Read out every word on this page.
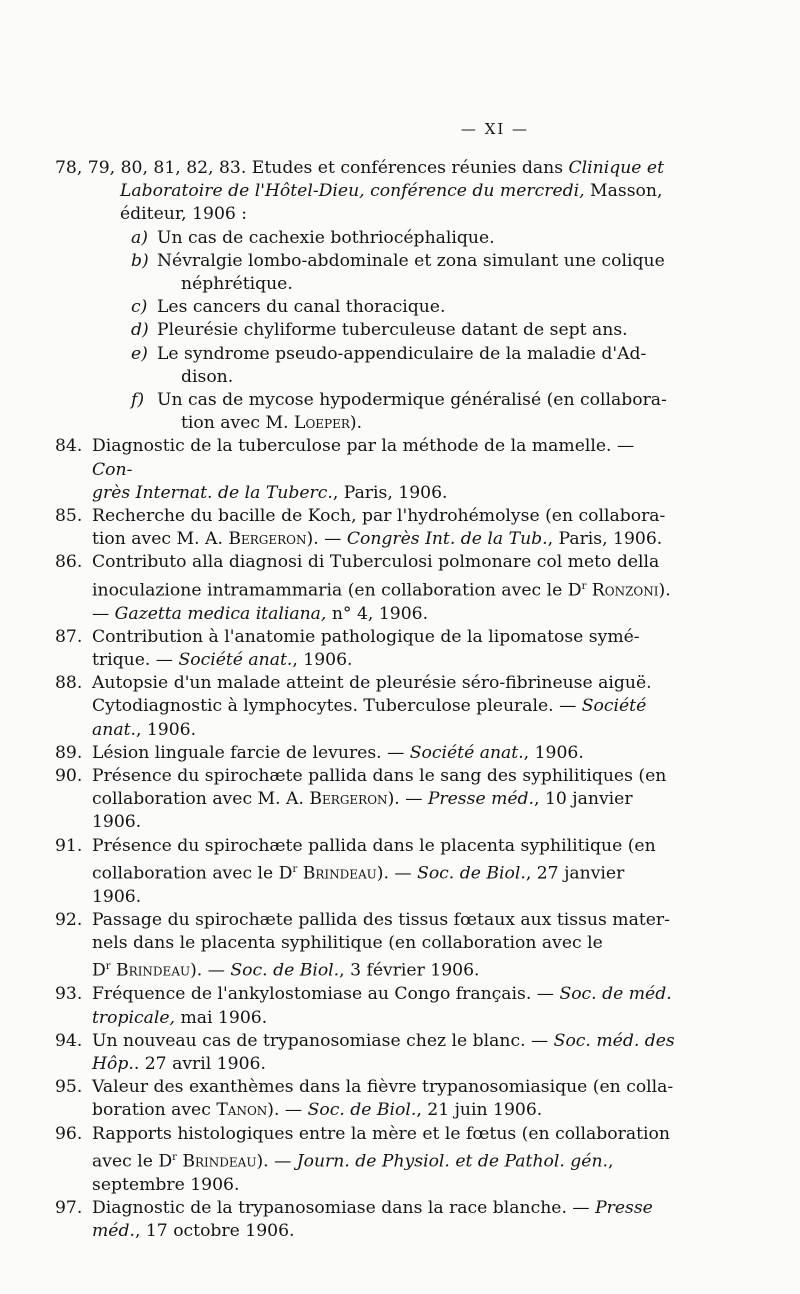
— XI —
78, 79, 80, 81, 82, 83. Etudes et conférences réunies dans Clinique et
Laboratoire de l'Hôtel-Dieu, conférence du mercredi, Masson,
éditeur, 1906 :
a) Un cas de cachexie bothriocéphalique.
b) Névralgie lombo-abdominale et zona simulant une colique
néphrétique.
c) Les cancers du canal thoracique.
d) Pleurésie chyliforme tuberculeuse datant de sept ans.
e) Le syndrome pseudo-appendiculaire de la maladie d'Ad-
dison.
f) Un cas de mycose hypodermique généralisé (en collabora-
tion avec M. Loeper).
84. Diagnostic de la tuberculose par la méthode de la mamelle. — Con-
grès Internat. de la Tuberc., Paris, 1906.
85. Recherche du bacille de Koch, par l'hydrohémolyse (en collabora-
tion avec M. A. Bergeron). — Congrès Int. de la Tub., Paris, 1906.
86. Contributo alla diagnosi di Tuberculosi polmonare col meto della
inoculazione intramammaria (en collaboration avec le $D^r$ Ronzoni).
— Gazetta medica italiana, n° 4, 1906.
87. Contribution à l'anatomie pathologique de la lipomatose symé-
trique. — Société anat., 1906.
88. Autopsie d'un malade atteint de pleurésie séro-fibrineuse aiguë.
Cytodiagnostic à lymphocytes. Tuberculose pleurale. — Société
anat., 1906.
89. Lésion linguale farcie de levures. — Société anat., 1906.
90. Présence du spirochæte pallida dans le sang des syphilitiques (en
collaboration avec M. A. Bergeron). — Presse méd., 10 janvier 1906.
91. Présence du spirochæte pallida dans le placenta syphilitique (en
collaboration avec le $D^r$ Brindeau). — Soc. de Biol., 27 janvier 1906.
92. Passage du spirochæte pallida des tissus fœtaux aux tissus mater-
nels dans le placenta syphilitique (en collaboration avec le
$D^r$ Brindeau). — Soc. de Biol., 3 février 1906.
93. Fréquence de l'ankylostomiase au Congo français. — Soc. de méd.
tropicale, mai 1906.
94. Un nouveau cas de trypanosomiase chez le blanc. — Soc. méd. des
Hôp.. 27 avril 1906.
95. Valeur des exanthèmes dans la fièvre trypanosomiasique (en colla-
boration avec Tanon). — Soc. de Biol., 21 juin 1906.
96. Rapports histologiques entre la mère et le fœtus (en collaboration
avec le $D^r$ Brindeau). — Journ. de Physiol. et de Pathol. gén.,
septembre 1906.
97. Diagnostic de la trypanosomiase dans la race blanche. — Presse
méd., 17 octobre 1906.
